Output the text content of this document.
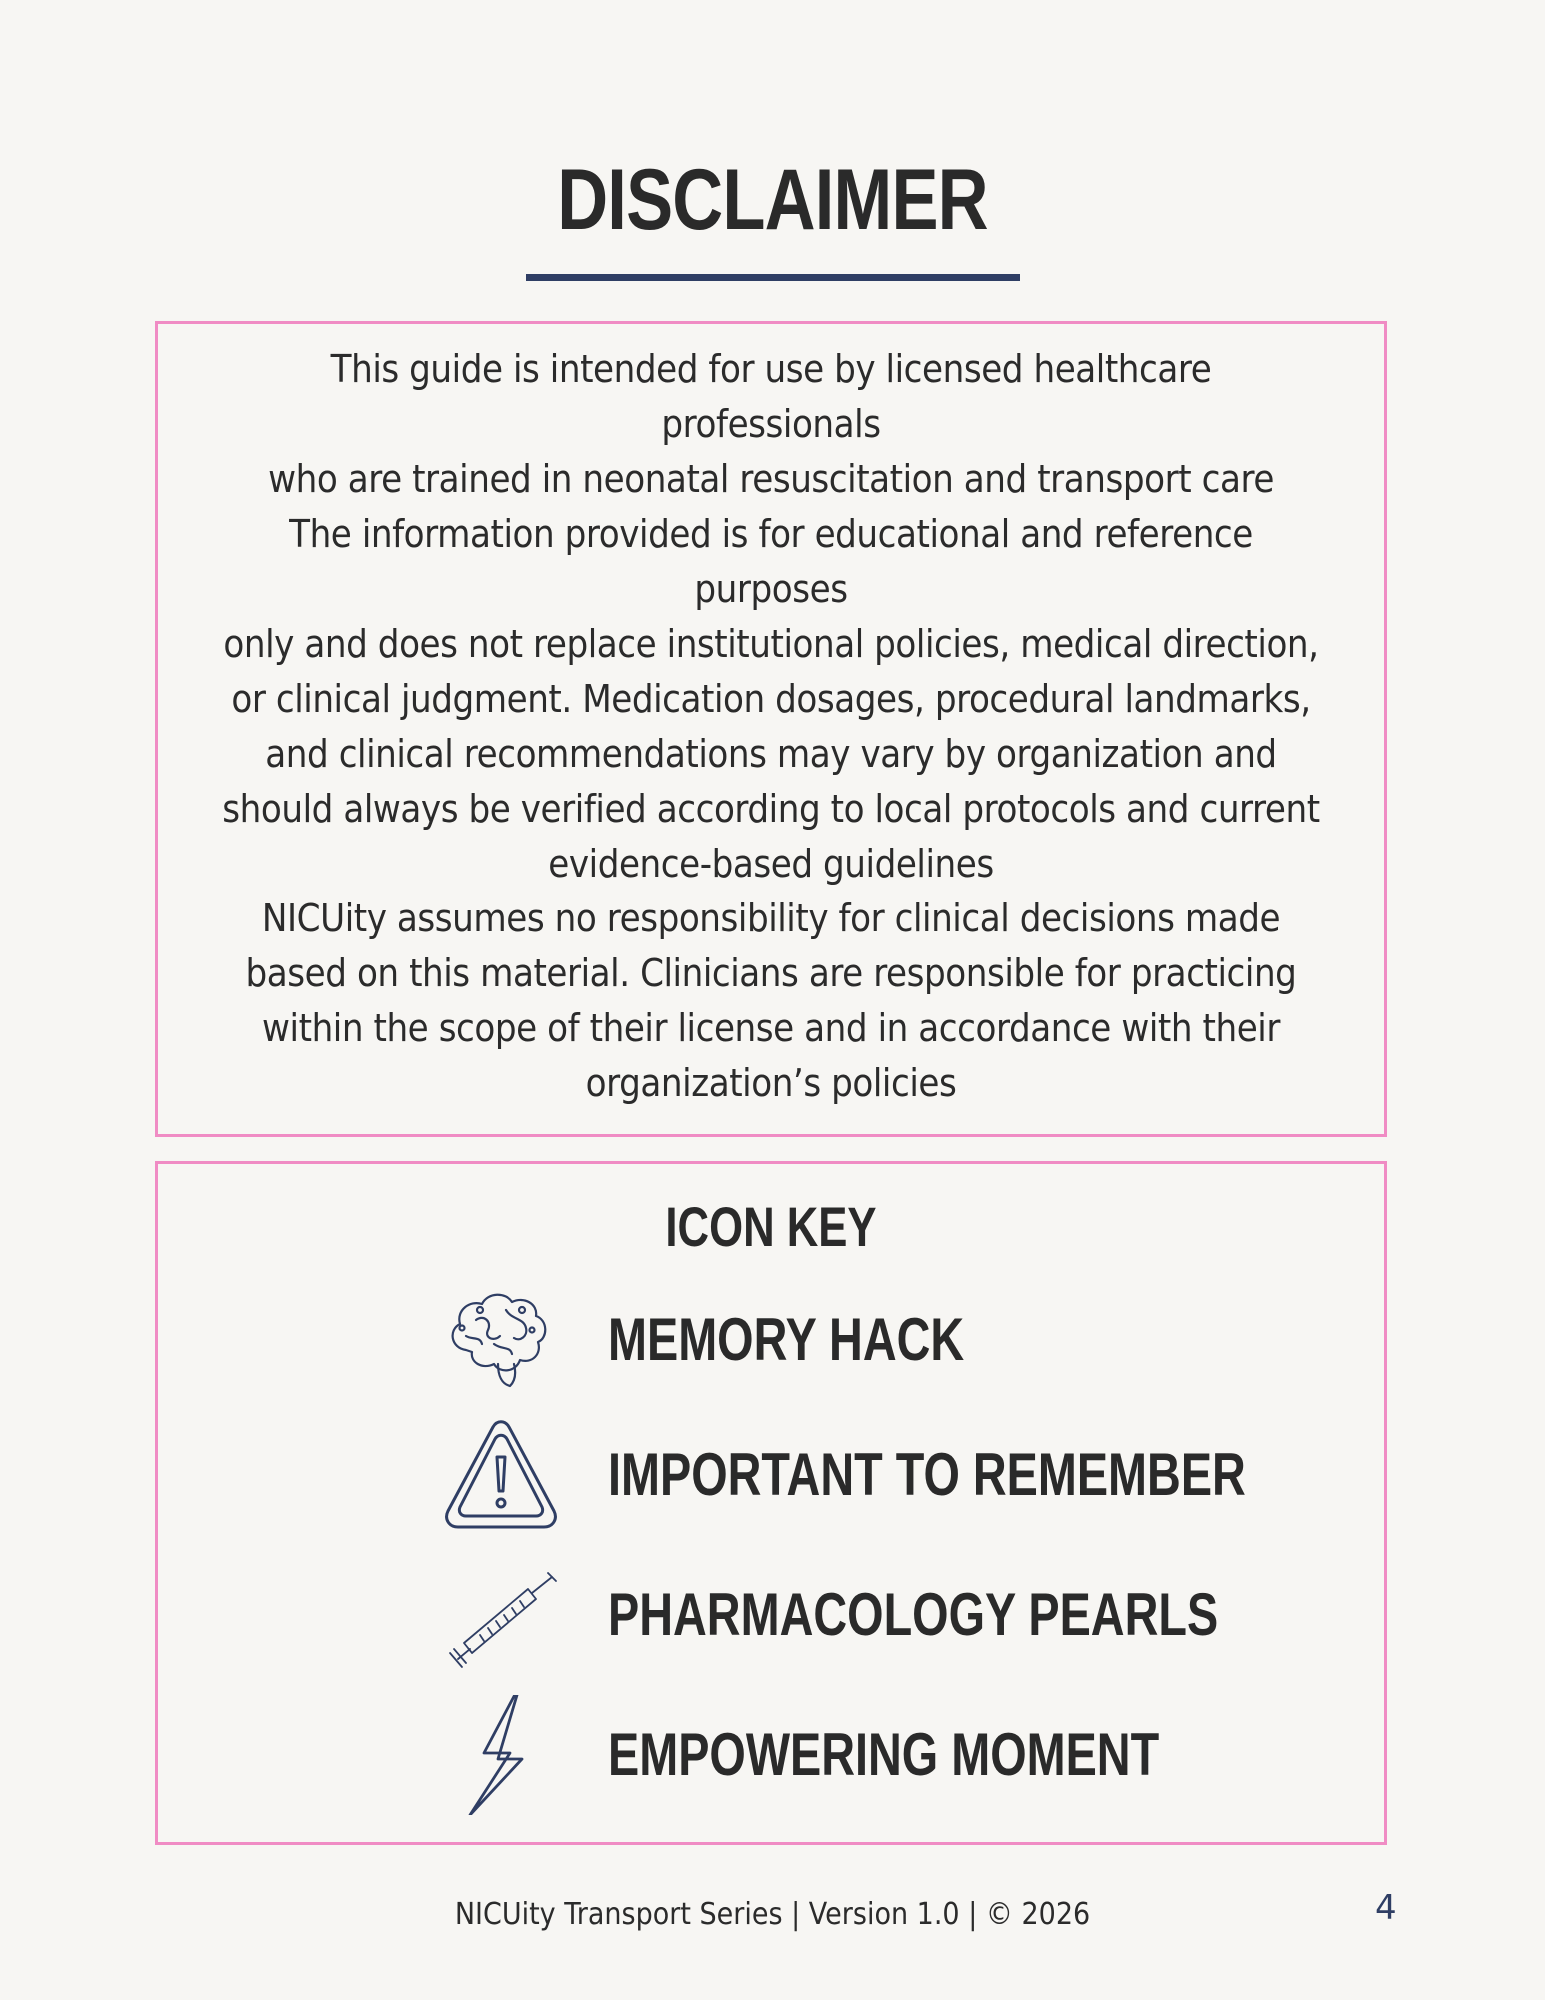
DISCLAIMER
This guide is intended for use by licensed healthcare professionals
who are trained in neonatal resuscitation and transport care
The information provided is for educational and reference purposes
only and does not replace institutional policies, medical direction,
or clinical judgment. Medication dosages, procedural landmarks,
and clinical recommendations may vary by organization and
should always be verified according to local protocols and current
evidence-based guidelines
NICUity assumes no responsibility for clinical decisions made
based on this material. Clinicians are responsible for practicing
within the scope of their license and in accordance with their
organization’s policies
ICON KEY
MEMORY HACK
IMPORTANT TO REMEMBER
PHARMACOLOGY PEARLS
EMPOWERING MOMENT
NICUity Transport Series | Version 1.0 | © 2026	4
